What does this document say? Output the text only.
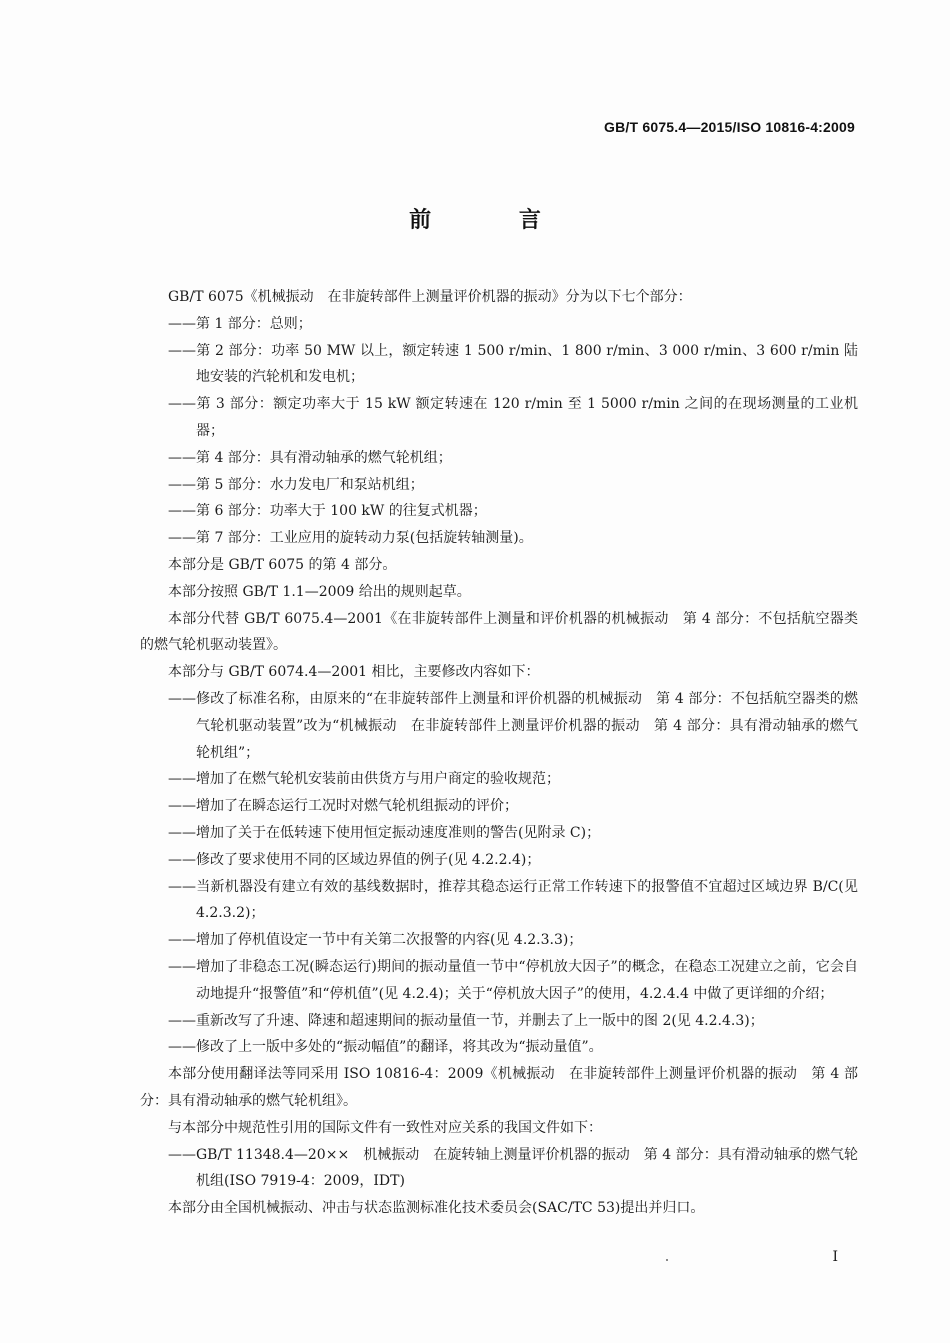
GB/T 6075.4—2015/ISO 10816-4:2009
前 言

GB/T 6075《机械振动　在非旋转部件上测量评价机器的振动》分为以下七个部分：

——第 1 部分：总则；

——第 2 部分：功率 50 MW 以上，额定转速 1 500 r/min、1 800 r/min、3 000 r/min、3 600 r/min 陆地安装的汽轮机和发电机；

——第 3 部分：额定功率大于 15 kW 额定转速在 120 r/min 至 1 5000 r/min 之间的在现场测量的工业机器；

——第 4 部分：具有滑动轴承的燃气轮机组；

——第 5 部分：水力发电厂和泵站机组；

——第 6 部分：功率大于 100 kW 的往复式机器；

——第 7 部分：工业应用的旋转动力泵(包括旋转轴测量)。

本部分是 GB/T 6075 的第 4 部分。

本部分按照 GB/T 1.1—2009 给出的规则起草。

本部分代替 GB/T 6075.4—2001《在非旋转部件上测量和评价机器的机械振动　第 4 部分：不包括航空器类的燃气轮机驱动装置》。

本部分与 GB/T 6074.4—2001 相比，主要修改内容如下：

——修改了标准名称，由原来的“在非旋转部件上测量和评价机器的机械振动　第 4 部分：不包括航空器类的燃气轮机驱动装置”改为“机械振动　在非旋转部件上测量评价机器的振动　第 4 部分：具有滑动轴承的燃气轮机组”；

——增加了在燃气轮机安装前由供货方与用户商定的验收规范；

——增加了在瞬态运行工况时对燃气轮机组振动的评价；

——增加了关于在低转速下使用恒定振动速度准则的警告(见附录 C)；

——修改了要求使用不同的区域边界值的例子(见 4.2.2.4)；

——当新机器没有建立有效的基线数据时，推荐其稳态运行正常工作转速下的报警值不宜超过区域边界 B/C(见 4.2.3.2)；

——增加了停机值设定一节中有关第二次报警的内容(见 4.2.3.3)；

——增加了非稳态工况(瞬态运行)期间的振动量值一节中“停机放大因子”的概念，在稳态工况建立之前，它会自动地提升“报警值”和“停机值”(见 4.2.4)；关于“停机放大因子”的使用，4.2.4.4 中做了更详细的介绍；

——重新改写了升速、降速和超速期间的振动量值一节，并删去了上一版中的图 2(见 4.2.4.3)；

——修改了上一版中多处的“振动幅值”的翻译，将其改为“振动量值”。

本部分使用翻译法等同采用 ISO 10816-4：2009《机械振动　在非旋转部件上测量评价机器的振动　第 4 部分：具有滑动轴承的燃气轮机组》。

与本部分中规范性引用的国际文件有一致性对应关系的我国文件如下：

——GB/T 11348.4—20××　机械振动　在旋转轴上测量评价机器的振动　第 4 部分：具有滑动轴承的燃气轮机组(ISO 7919-4：2009，IDT)

本部分由全国机械振动、冲击与状态监测标准化技术委员会(SAC/TC 53)提出并归口。

I
